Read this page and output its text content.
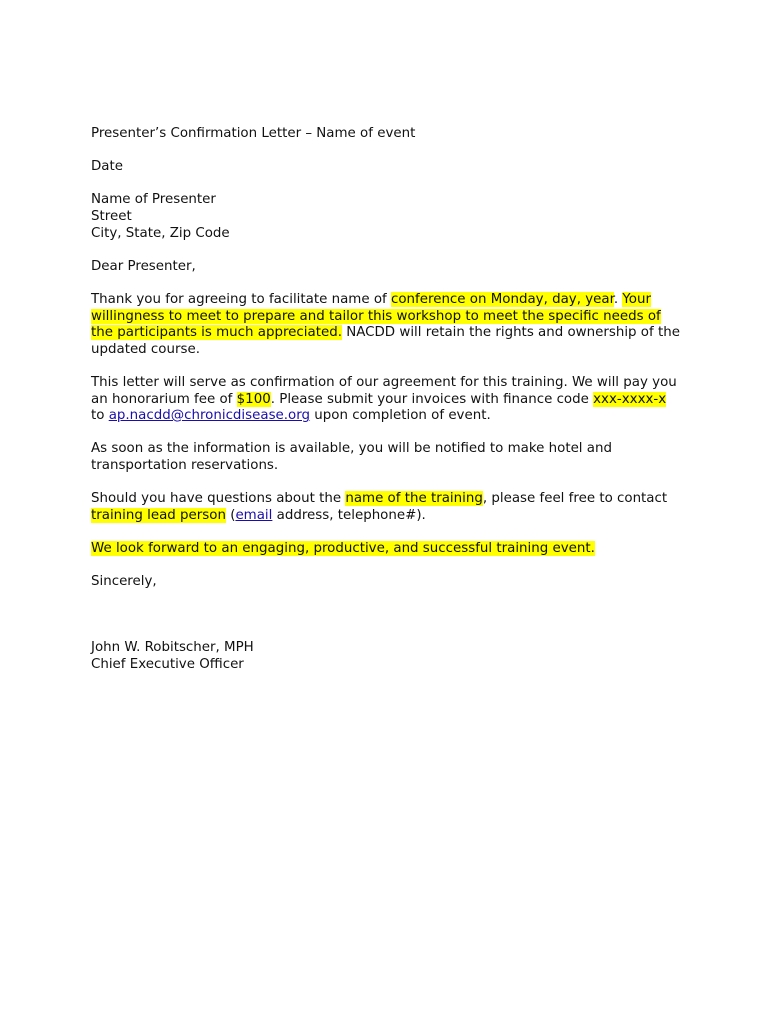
Presenter’s Confirmation Letter – Name of event

Date

Name of Presenter
Street
City, State, Zip Code

Dear Presenter,

Thank you for agreeing to facilitate name of conference on Monday, day, year. Your willingness to meet to prepare and tailor this workshop to meet the specific needs of the participants is much appreciated. NACDD will retain the rights and ownership of the updated course.

This letter will serve as confirmation of our agreement for this training. We will pay you an honorarium fee of $100. Please submit your invoices with finance code xxx-xxxx-x to ap.nacdd@chronicdisease.org upon completion of event.

As soon as the information is available, you will be notified to make hotel and transportation reservations.

Should you have questions about the name of the training, please feel free to contact training lead person (email address, telephone#).

We look forward to an engaging, productive, and successful training event.

Sincerely,

John W. Robitscher, MPH
Chief Executive Officer
